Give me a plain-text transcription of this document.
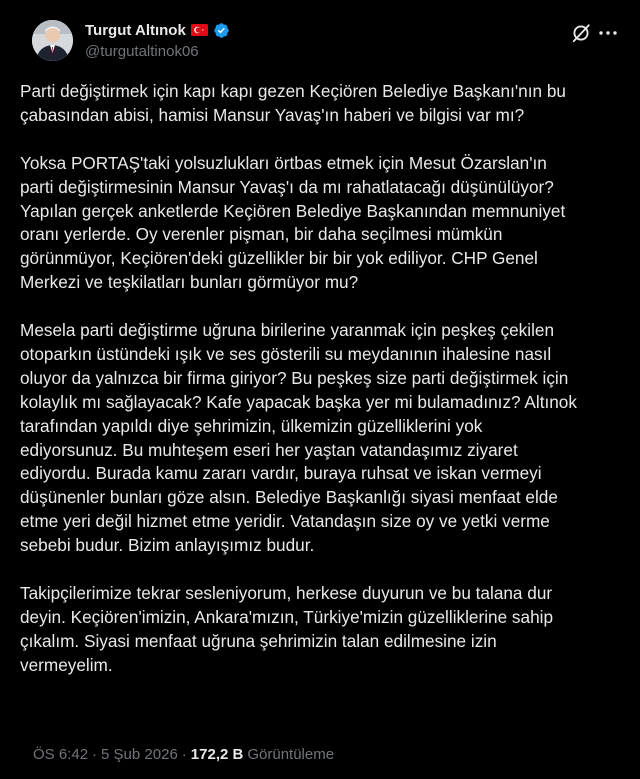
Turgut Altınok
@turgutaltinok06

Parti değiştirmek için kapı kapı gezen Keçiören Belediye Başkanı'nın bu
çabasından abisi, hamisi Mansur Yavaş'ın haberi ve bilgisi var mı?

Yoksa PORTAŞ'taki yolsuzlukları örtbas etmek için Mesut Özarslan'ın
parti değiştirmesinin Mansur Yavaş'ı da mı rahatlatacağı düşünülüyor?
Yapılan gerçek anketlerde Keçiören Belediye Başkanından memnuniyet
oranı yerlerde. Oy verenler pişman, bir daha seçilmesi mümkün
görünmüyor, Keçiören'deki güzellikler bir bir yok ediliyor. CHP Genel
Merkezi ve teşkilatları bunları görmüyor mu?

Mesela parti değiştirme uğruna birilerine yaranmak için peşkeş çekilen
otoparkın üstündeki ışık ve ses gösterili su meydanının ihalesine nasıl
oluyor da yalnızca bir firma giriyor? Bu peşkeş size parti değiştirmek için
kolaylık mı sağlayacak? Kafe yapacak başka yer mi bulamadınız? Altınok
tarafından yapıldı diye şehrimizin, ülkemizin güzelliklerini yok
ediyorsunuz. Bu muhteşem eseri her yaştan vatandaşımız ziyaret
ediyordu. Burada kamu zararı vardır, buraya ruhsat ve iskan vermeyi
düşünenler bunları göze alsın. Belediye Başkanlığı siyasi menfaat elde
etme yeri değil hizmet etme yeridir. Vatandaşın size oy ve yetki verme
sebebi budur. Bizim anlayışımız budur.

Takipçilerimize tekrar sesleniyorum, herkese duyurun ve bu talana dur
deyin. Keçiören'imizin, Ankara'mızın, Türkiye'mizin güzelliklerine sahip
çıkalım. Siyasi menfaat uğruna şehrimizin talan edilmesine izin
vermeyelim.

ÖS 6:42 · 5 Şub 2026 · 172,2 B Görüntüleme
